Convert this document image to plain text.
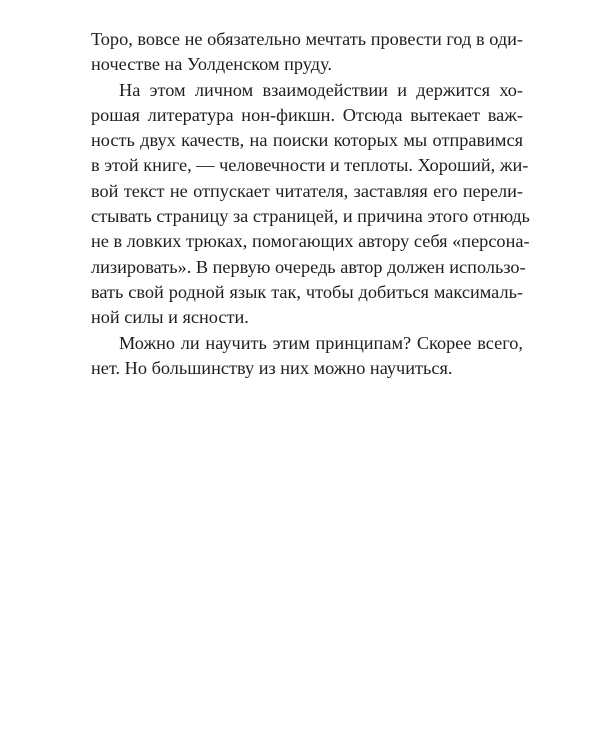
Торо, вовсе не обязательно мечтать провести год в оди-
ночестве на Уолденском пруду.
На этом личном взаимодействии и держится хо-
рошая литература нон-фикшн. Отсюда вытекает важ-
ность двух качеств, на поиски которых мы отправимся
в этой книге, — человечности и теплоты. Хороший, жи-
вой текст не отпускает читателя, заставляя его перели-
стывать страницу за страницей, и причина этого отнюдь
не в ловких трюках, помогающих автору себя «персона-
лизировать». В первую очередь автор должен использо-
вать свой родной язык так, чтобы добиться максималь-
ной силы и ясности.
Можно ли научить этим принципам? Скорее всего,
нет. Но большинству из них можно научиться.
